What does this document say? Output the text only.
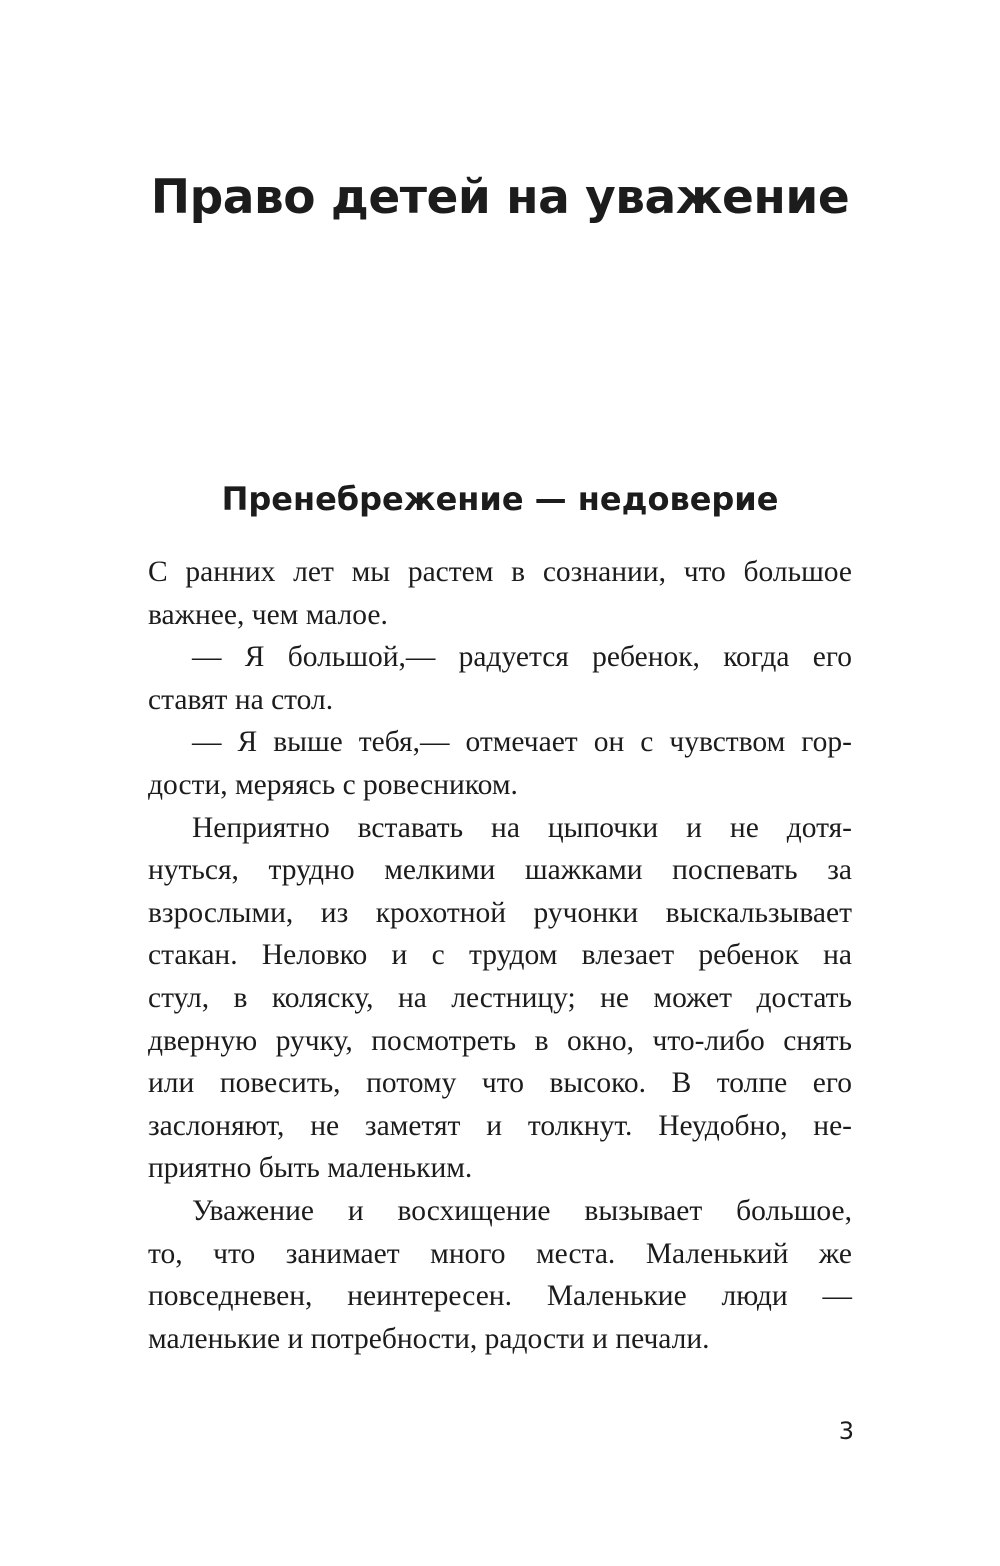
Право детей на уважение
Пренебрежение — недоверие
С ранних лет мы растем в сознании, что большое
важнее, чем малое.
— Я большой,— радуется ребенок, когда его
ставят на стол.
— Я выше тебя,— отмечает он с чувством гор-
дости, меряясь с ровесником.
Неприятно вставать на цыпочки и не дотя-
нуться, трудно мелкими шажками поспевать за
взрослыми, из крохотной ручонки выскальзывает
стакан. Неловко и с трудом влезает ребенок на
стул, в коляску, на лестницу; не может достать
дверную ручку, посмотреть в окно, что-либо снять
или повесить, потому что высоко. В толпе его
заслоняют, не заметят и толкнут. Неудобно, не-
приятно быть маленьким.
Уважение и восхищение вызывает большое,
то, что занимает много места. Маленький же
повседневен, неинтересен. Маленькие люди —
маленькие и потребности, радости и печали.
3
